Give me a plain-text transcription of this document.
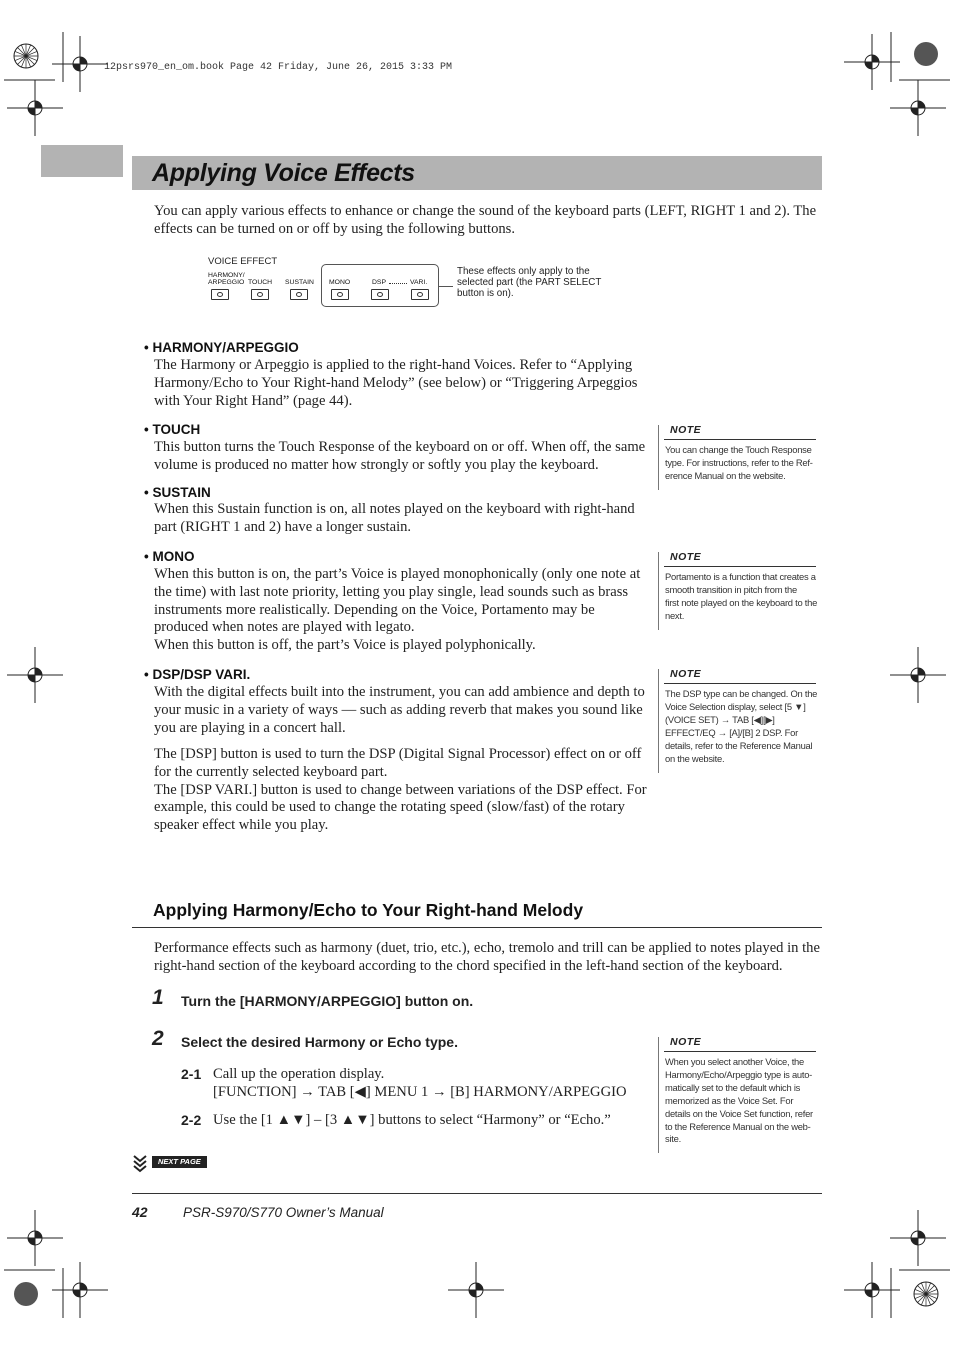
12psrs970_en_om.book Page 42 Friday, June 26, 2015 3:33 PM
Applying Voice Effects
You can apply various effects to enhance or change the sound of the keyboard parts (LEFT, RIGHT 1 and 2). The
effects can be turned on or off by using the following buttons.
VOICE EFFECT
HARMONY/
ARPEGGIO TOUCH SUSTAIN MONO	DSP	VARI.
These effects only apply to the
selected part (the PART SELECT
button is on).
• HARMONY/ARPEGGIO
The Harmony or Arpeggio is applied to the right-hand Voices. Refer to “Applying
Harmony/Echo to Your Right-hand Melody” (see below) or “Triggering Arpeggios
with Your Right Hand” (page 44).
• TOUCH
This button turns the Touch Response of the keyboard on or off. When off, the same
volume is produced no matter how strongly or softly you play the keyboard.
• SUSTAIN
When this Sustain function is on, all notes played on the keyboard with right-hand
part (RIGHT 1 and 2) have a longer sustain.
• MONO
When this button is on, the part’s Voice is played monophonically (only one note at
the time) with last note priority, letting you play single, lead sounds such as brass
instruments more realistically. Depending on the Voice, Portamento may be
produced when notes are played with legato.
When this button is off, the part’s Voice is played polyphonically.
• DSP/DSP VARI.
With the digital effects built into the instrument, you can add ambience and depth to
your music in a variety of ways — such as adding reverb that makes you sound like
you are playing in a concert hall.
The [DSP] button is used to turn the DSP (Digital Signal Processor) effect on or off
for the currently selected keyboard part.
The [DSP VARI.] button is used to change between variations of the DSP effect. For
example, this could be used to change the rotating speed (slow/fast) of the rotary
speaker effect while you play.
NOTE
You can change the Touch Response
type. For instructions, refer to the Ref-
erence Manual on the website.
NOTE
Portamento is a function that creates a
smooth transition in pitch from the
first note played on the keyboard to the
next.
NOTE
The DSP type can be changed. On the
Voice Selection display, select [5 ▼]
(VOICE SET) → TAB [◀][▶]
EFFECT/EQ → [A]/[B] 2 DSP. For
details, refer to the Reference Manual
on the website.
Applying Harmony/Echo to Your Right-hand Melody
Performance effects such as harmony (duet, trio, etc.), echo, tremolo and trill can be applied to notes played in the
right-hand section of the keyboard according to the chord specified in the left-hand section of the keyboard.
1 Turn the [HARMONY/ARPEGGIO] button on.
2 Select the desired Harmony or Echo type.
2-1 Call up the operation display.
[FUNCTION] → TAB [◀] MENU 1 → [B] HARMONY/ARPEGGIO
2-2 Use the [1 ▲▼] – [3 ▲▼] buttons to select “Harmony” or “Echo.”
NOTE
When you select another Voice, the
Harmony/Echo/Arpeggio type is auto-
matically set to the default which is
memorized as the Voice Set. For
details on the Voice Set function, refer
to the Reference Manual on the web-
site.
NEXT PAGE
42	PSR-S970/S770 Owner’s Manual
